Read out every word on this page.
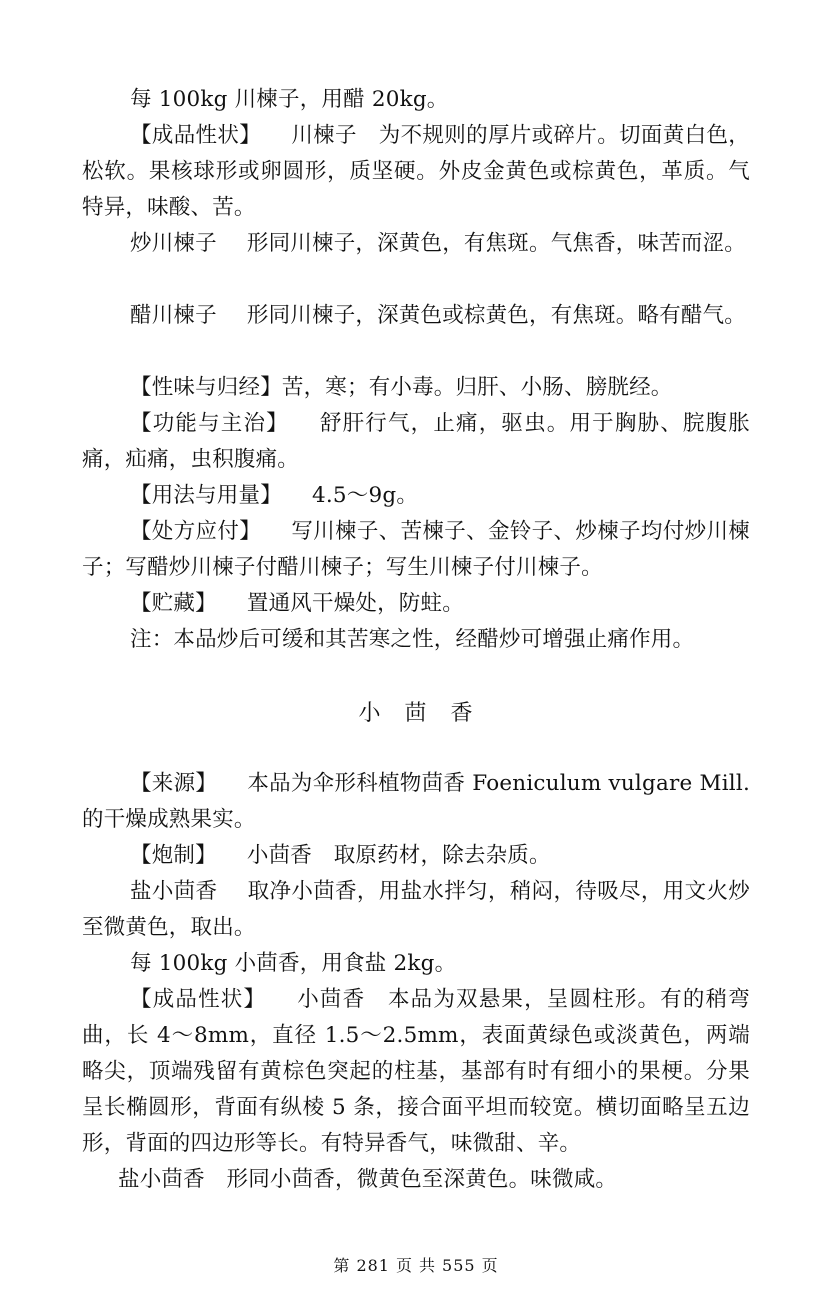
每 100kg 川楝子，用醋 20kg。
【成品性状】 川楝子　为不规则的厚片或碎片。切面黄白色，松软。果核球形或卵圆形，质坚硬。外皮金黄色或棕黄色，革质。气特异，味酸、苦。
炒川楝子 形同川楝子，深黄色，有焦斑。气焦香，味苦而涩。
醋川楝子 形同川楝子，深黄色或棕黄色，有焦斑。略有醋气。
【性味与归经】苦，寒；有小毒。归肝、小肠、膀胱经。
【功能与主治】 舒肝行气，止痛，驱虫。用于胸胁、脘腹胀痛，疝痛，虫积腹痛。
【用法与用量】 4.5～9g。
【处方应付】 写川楝子、苦楝子、金铃子、炒楝子均付炒川楝子；写醋炒川楝子付醋川楝子；写生川楝子付川楝子。
【贮藏】 置通风干燥处，防蛀。
注：本品炒后可缓和其苦寒之性，经醋炒可增强止痛作用。
小　茴　香
【来源】 本品为伞形科植物茴香 Foeniculum vulgare Mill.的干燥成熟果实。
【炮制】 小茴香　取原药材，除去杂质。
盐小茴香 取净小茴香，用盐水拌匀，稍闷，待吸尽，用文火炒至微黄色，取出。
每 100kg 小茴香，用食盐 2kg。
【成品性状】 小茴香　本品为双悬果，呈圆柱形。有的稍弯曲，长 4～8mm，直径 1.5～2.5mm，表面黄绿色或淡黄色，两端略尖，顶端残留有黄棕色突起的柱基，基部有时有细小的果梗。分果呈长椭圆形，背面有纵棱 5 条，接合面平坦而较宽。横切面略呈五边形，背面的四边形等长。有特异香气，味微甜、辛。
盐小茴香　形同小茴香，微黄色至深黄色。味微咸。
第 281 页 共 555 页
